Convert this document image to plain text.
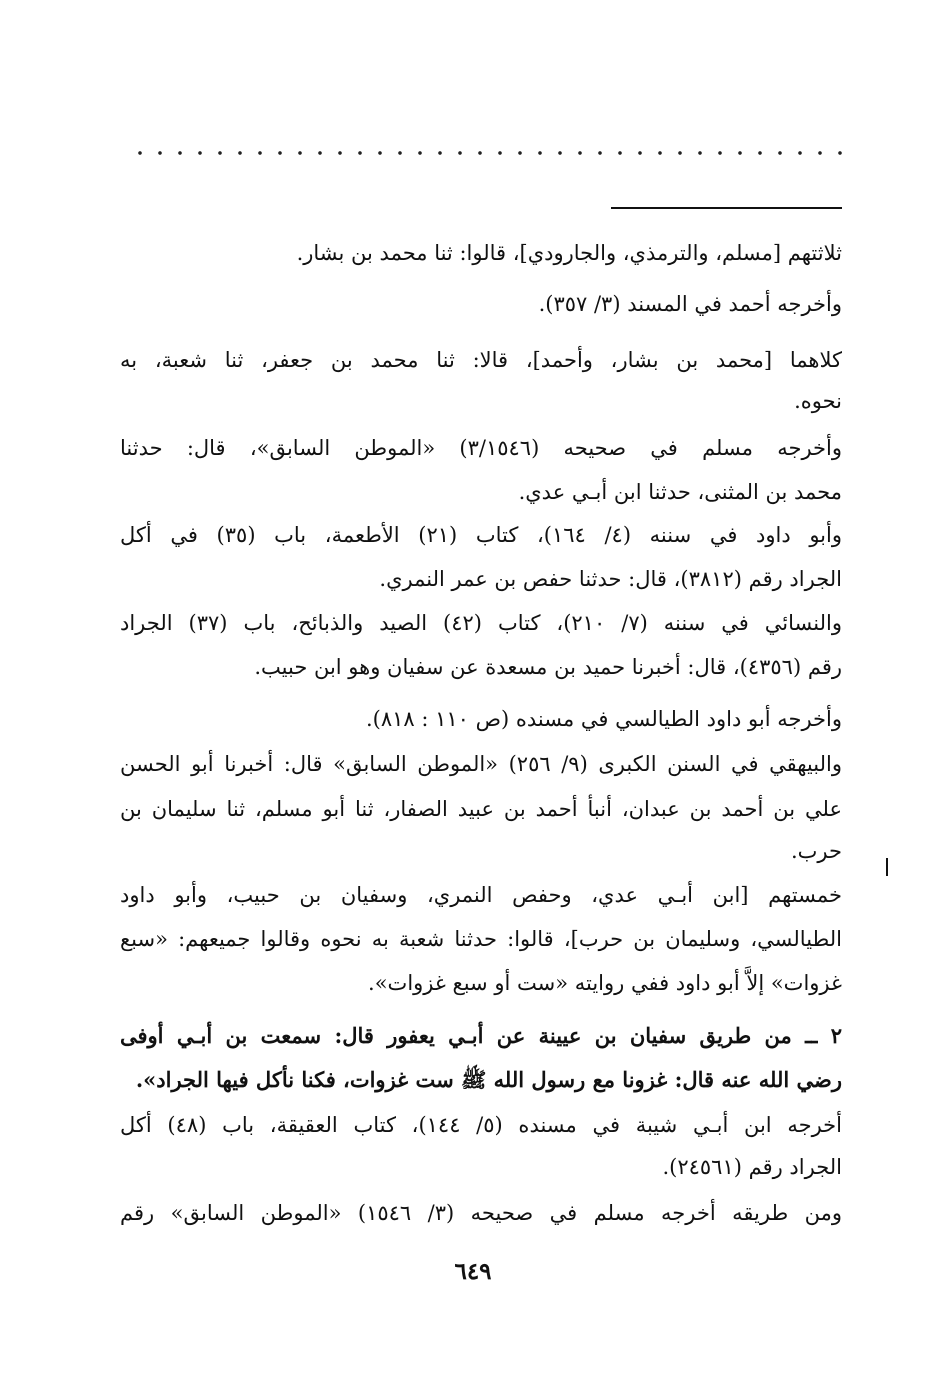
ثلاثتهم [مسلم، والترمذي، والجارودي]، قالوا: ثنا محمد بن بشار.
وأخرجه أحمد في المسند (٣/ ٣٥٧).
كلاهما [محمد بن بشار، وأحمد]، قالا: ثنا محمد بن جعفر، ثنا شعبة، به
نحوه.
وأخرجه مسلم في صحيحه (٣/١٥٤٦) «الموطن السابق»، قال: حدثنا
محمد بن المثنى، حدثنا ابن أبـي عدي.
وأبو داود في سننه (٤/ ١٦٤)، كتاب (٢١) الأطعمة، باب (٣٥) في أكل
الجراد رقم (٣٨١٢)، قال: حدثنا حفص بن عمر النمري.
والنسائي في سننه (٧/ ٢١٠)، كتاب (٤٢) الصيد والذبائح، باب (٣٧) الجراد
رقم (٤٣٥٦)، قال: أخبرنا حميد بن مسعدة عن سفيان وهو ابن حبيب.
وأخرجه أبو داود الطيالسي في مسنده (ص ١١٠ : ٨١٨).
والبيهقي في السنن الكبرى (٩/ ٢٥٦) «الموطن السابق» قال: أخبرنا أبو الحسن
علي بن أحمد بن عبدان، أنبأ أحمد بن عبيد الصفار، ثنا أبو مسلم، ثنا سليمان بن
حرب.
خمستهم [ابن أبـي عدي، وحفص النمري، وسفيان بن حبيب، وأبو داود
الطيالسي، وسليمان بن حرب]، قالوا: حدثنا شعبة به نحوه وقالوا جميعهم: «سبع
غزوات» إلاَّ أبو داود ففي روايته «ست أو سبع غزوات».
٢ ــ من طريق سفيان بن عيينة عن أبـي يعفور قال: سمعت بن أبـي أوفى
رضي الله عنه قال: غزونا مع رسول الله ﷺ ست غزوات، فكنا نأكل فيها الجراد».
أخرجه ابن أبـي شيبة في مسنده (٥/ ١٤٤)، كتاب العقيقة، باب (٤٨) أكل
الجراد رقم (٢٤٥٦١).
ومن طريقه أخرجه مسلم في صحيحه (٣/ ١٥٤٦) «الموطن السابق» رقم
٦٤٩
